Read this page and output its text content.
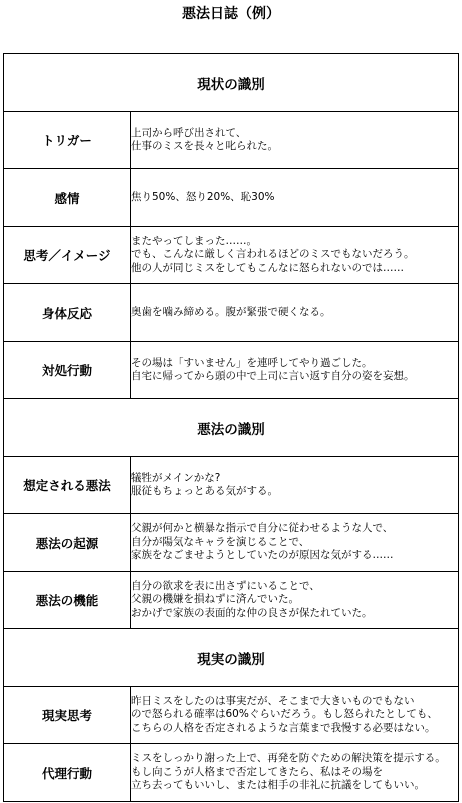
悪法日誌（例）
現状の識別	
トリガー	上司から呼び出されて、
仕事のミスを長々と叱られた。
感情	焦り50%、怒り20%、恥30%
思考／イメージ	またやってしまった……。
でも、こんなに厳しく言われるほどのミスでもないだろう。
他の人が同じミスをしてもこんなに怒られないのでは……
身体反応	奥歯を噛み締める。腹が緊張で硬くなる。
対処行動	その場は「すいません」を連呼してやり過ごした。
自宅に帰ってから頭の中で上司に言い返す自分の姿を妄想。
悪法の識別	
想定される悪法	犠牲がメインかな?
服従もちょっとある気がする。
悪法の起源	父親が何かと横暴な指示で自分に従わせるような人で、
自分が陽気なキャラを演じることで、
家族をなごませようとしていたのが原因な気がする……
悪法の機能	自分の欲求を表に出さずにいることで、
父親の機嫌を損ねずに済んでいた。
おかげで家族の表面的な仲の良さが保たれていた。
現実の識別	
現実思考	昨日ミスをしたのは事実だが、そこまで大きいものでもない
ので怒られる確率は60%ぐらいだろう。もし怒られたとしても、
こちらの人格を否定されるような言葉まで我慢する必要はない。
代理行動	ミスをしっかり謝った上で、再発を防ぐための解決策を提示する。
もし向こうが人格まで否定してきたら、私はその場を
立ち去ってもいいし、または相手の非礼に抗議をしてもいい。
